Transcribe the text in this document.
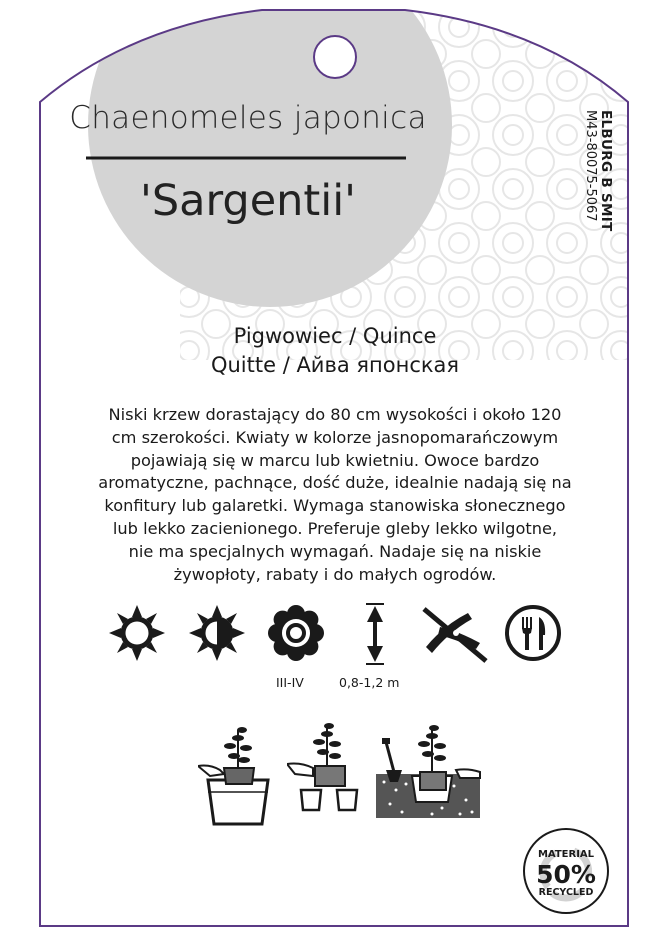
Chaenomeles japonica
'Sargentii'	ELBURG B SMIT
M43-80075-5067
Pigwowiec / Quince
Quitte / Айва японская
Niski krzew dorastający do 80 cm wysokości i około 120
cm szerokości. Kwiaty w kolorze jasnopomarańczowym
pojawiają się w marcu lub kwietniu. Owoce bardzo
aromatyczne, pachnące, dość duże, idealnie nadają się na
konfitury lub galaretki. Wymaga stanowiska słonecznego
lub lekko zacienionego. Preferuje gleby lekko wilgotne,
nie ma specjalnych wymagań. Nadaje się na niskie
żywopłoty, rabaty i do małych ogrodów.
III-IV	0,8-1,2 m
MATERIAL
50%
RECYCLED
